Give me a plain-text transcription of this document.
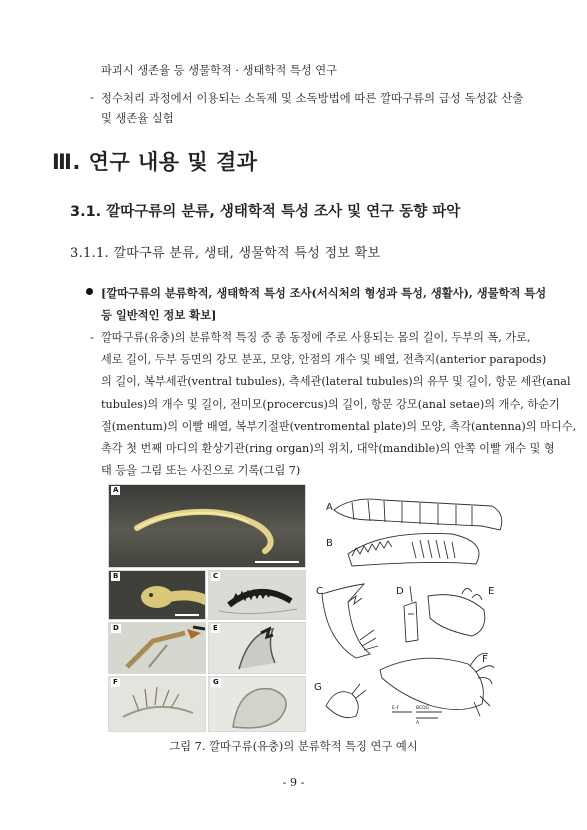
파괴시 생존율 등 생물학적 · 생태학적 특성 연구
- 정수처리 과정에서 이용되는 소독제 및 소독방법에 따른 깔따구류의 급성 독성값 산출
및 생존율 실험
Ⅲ. 연구 내용 및 결과
3.1. 깔따구류의 분류, 생태학적 특성 조사 및 연구 동향 파악
3.1.1. 깔따구류 분류, 생태, 생물학적 특성 정보 확보
[깔따구류의 분류학적, 생태학적 특성 조사(서식처의 형성과 특성, 생활사), 생물학적 특성
등 일반적인 정보 확보]
- 깔따구류(유충)의 분류학적 특징 중 종 동정에 주로 사용되는 몸의 길이, 두부의 폭, 가로,
세로 길이, 두부 등면의 강모 분포, 모양, 안점의 개수 및 배열, 전측지(anterior parapods)
의 길이, 복부세관(ventral tubules), 측세관(lateral tubules)의 유무 및 길이, 항문 세관(anal
tubules)의 개수 및 길이, 전미모(procercus)의 길이, 항문 강모(anal setae)의 개수, 하순기
절(mentum)의 이빨 배열, 복부기절판(ventromental plate)의 모양, 촉각(antenna)의 마디수,
촉각 첫 번째 마디의 환상기관(ring organ)의 위치, 대악(mandible)의 안쪽 이빨 개수 및 형
태 등을 그림 또는 사진으로 기록(그림 7)
A
B	C
D	E
F	G
A
B
C	D	E
F
G
E-F	BCDG
A
그림 7. 깔따구류(유충)의 분류학적 특징 연구 예시
- 9 -
